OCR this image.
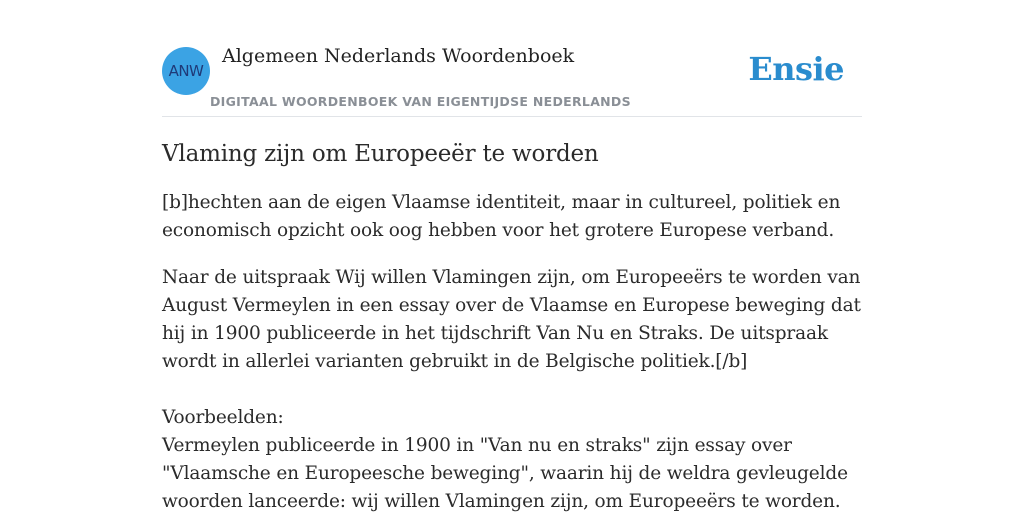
ANW
Algemeen Nederlands Woordenboek
DIGITAAL WOORDENBOEK VAN EIGENTIJDSE NEDERLANDS
Ensie
Vlaming zijn om Europeeër te worden

[b]hechten aan de eigen Vlaamse identiteit, maar in cultureel, politiek en economisch opzicht ook oog hebben voor het grotere Europese verband.

Naar de uitspraak Wij willen Vlamingen zijn, om Europeeërs te worden van August Vermeylen in een essay over de Vlaamse en Europese beweging dat hij in 1900 publiceerde in het tijdschrift Van Nu en Straks. De uitspraak wordt in allerlei varianten gebruikt in de Belgische politiek.[/b]

Voorbeelden:

Vermeylen publiceerde in 1900 in "Van nu en straks" zijn essay over "Vlaamsche en Europeesche beweging", waarin hij de weldra gevleugelde woorden lanceerde: wij willen Vlamingen zijn, om Europeeërs te worden.
